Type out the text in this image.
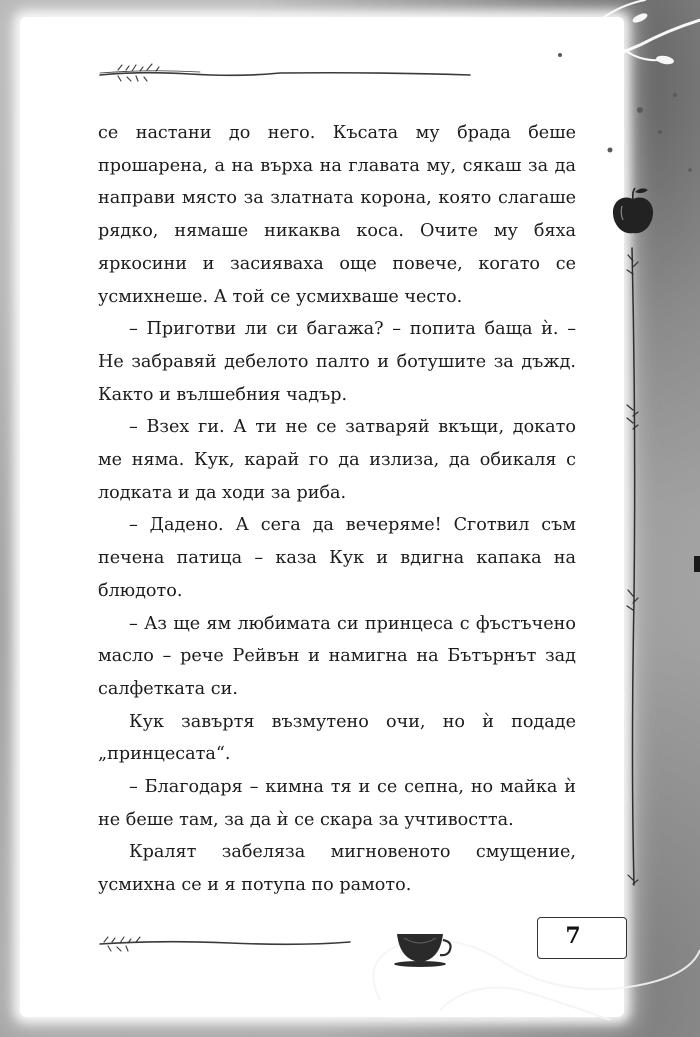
се настани до него. Късата му брада беше прошарена, а на върха на главата му, сякаш за да направи място за златната корона, която слагаше рядко, нямаше никаква коса. Очите му бяха яркосини и засияваха още повече, когато се усмихнеше. А той се усмихваше често.

– Приготви ли си багажа? – попита баща ѝ. – Не забравяй дебелото палто и ботушите за дъжд. Както и вълшебния чадър.

– Взех ги. А ти не се затваряй вкъщи, докато ме няма. Кук, карай го да излиза, да обикаля с лодката и да ходи за риба.

– Дадено. А сега да вечеряме! Сготвил съм печена патица – каза Кук и вдигна капака на блюдото.

– Аз ще ям любимата си принцеса с фъстъчено масло – рече Рейвън и намигна на Бътърнът зад салфетката си.

Кук завъртя възмутено очи, но ѝ подаде „принцесата“.

– Благодаря – кимна тя и се сепна, но майка ѝ не беше там, за да ѝ се скара за учтивостта.

Кралят забеляза мигновеното смущение, усмихна се и я потупа по рамото.

7
